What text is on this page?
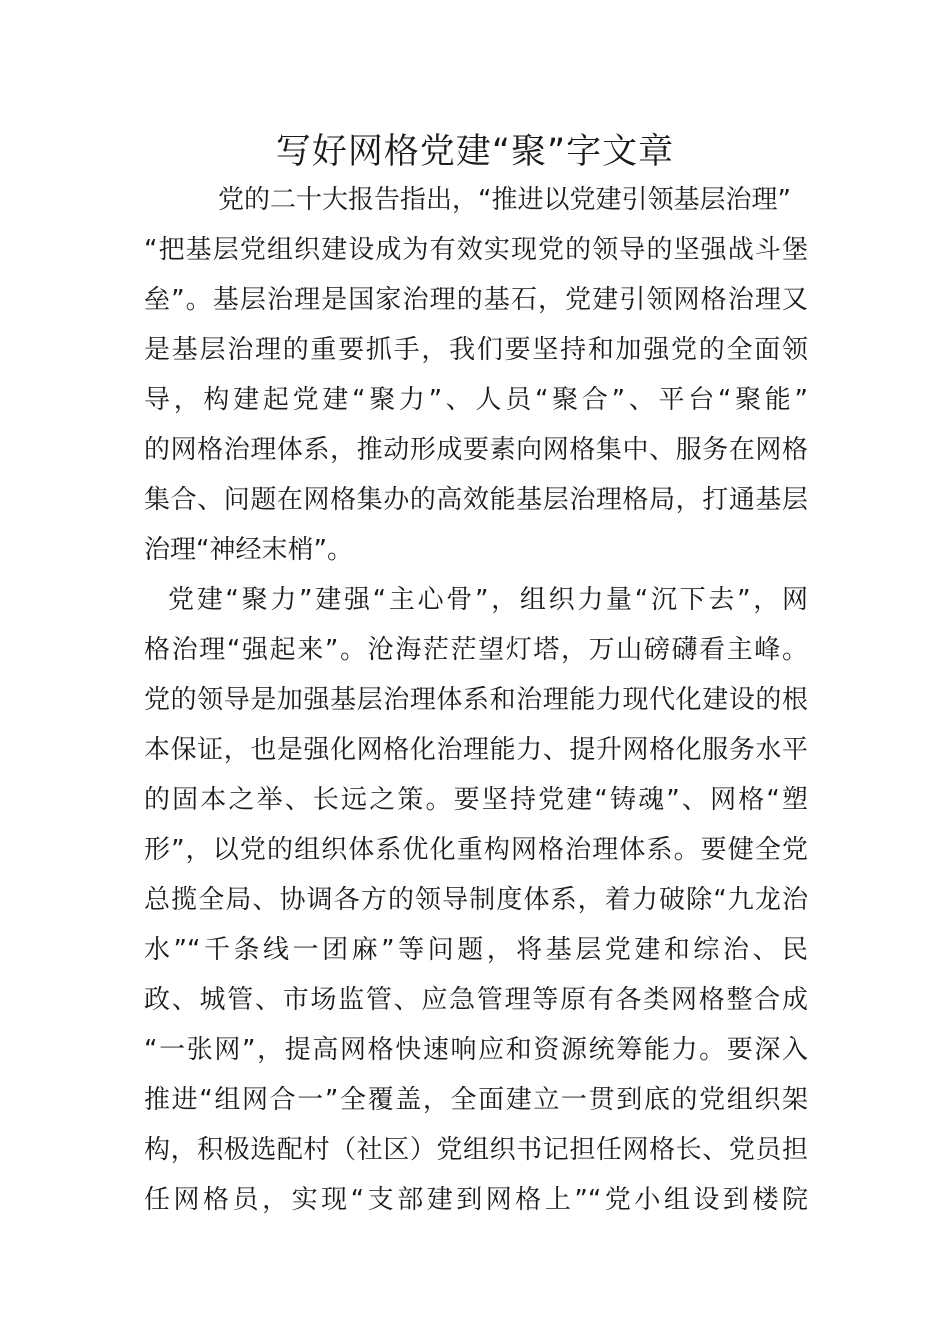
写好网格党建“聚”字文章

党的二十大报告指出，“推进以党建引领基层治理”

“把基层党组织建设成为有效实现党的领导的坚强战斗堡

垒”。基层治理是国家治理的基石，党建引领网格治理又

是基层治理的重要抓手，我们要坚持和加强党的全面领

导，构建起党建“聚力”、人员“聚合”、平台“聚能”

的网格治理体系，推动形成要素向网格集中、服务在网格

集合、问题在网格集办的高效能基层治理格局，打通基层

治理“神经末梢”。

党建“聚力”建强“主心骨”，组织力量“沉下去”，网

格治理“强起来”。沧海茫茫望灯塔，万山磅礴看主峰。

党的领导是加强基层治理体系和治理能力现代化建设的根

本保证，也是强化网格化治理能力、提升网格化服务水平

的固本之举、长远之策。要坚持党建“铸魂”、网格“塑

形”，以党的组织体系优化重构网格治理体系。要健全党

总揽全局、协调各方的领导制度体系，着力破除“九龙治

水”“千条线一团麻”等问题，将基层党建和综治、民

政、城管、市场监管、应急管理等原有各类网格整合成

“一张网”，提高网格快速响应和资源统筹能力。要深入

推进“组网合一”全覆盖，全面建立一贯到底的党组织架

构，积极选配村（社区）党组织书记担任网格长、党员担

任网格员，实现“支部建到网格上”“党小组设到楼院
